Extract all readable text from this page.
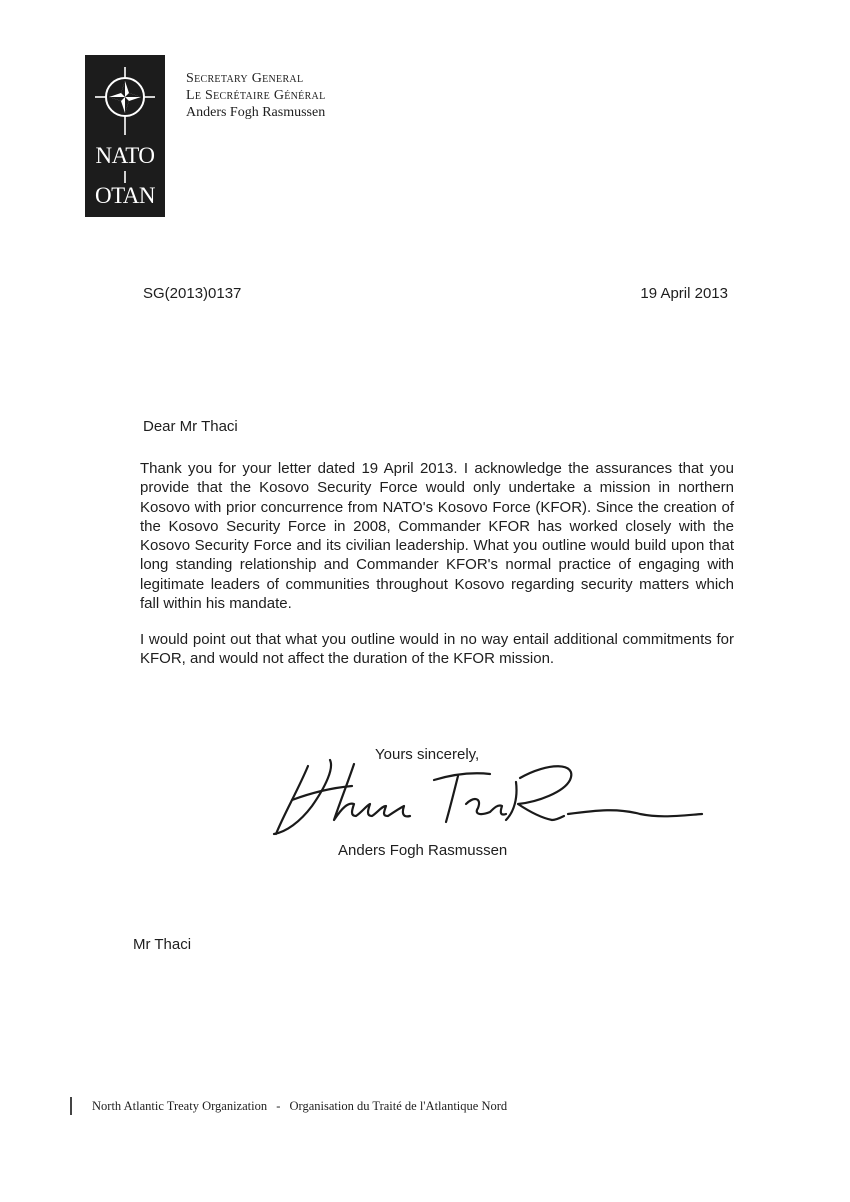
NATO
OTAN
Secretary General
Le Secrétaire Général
Anders Fogh Rasmussen
SG(2013)0137	19 April 2013
Dear Mr Thaci

Thank you for your letter dated 19 April 2013. I acknowledge the assurances that you provide that the Kosovo Security Force would only undertake a mission in northern Kosovo with prior concurrence from NATO's Kosovo Force (KFOR). Since the creation of the Kosovo Security Force in 2008, Commander KFOR has worked closely with the Kosovo Security Force and its civilian leadership. What you outline would build upon that long standing relationship and Commander KFOR's normal practice of engaging with legitimate leaders of communities throughout Kosovo regarding security matters which fall within his mandate.

I would point out that what you outline would in no way entail additional commitments for KFOR, and would not affect the duration of the KFOR mission.

Yours sincerely,
Anders Fogh Rasmussen
Mr Thaci
North Atlantic Treaty Organization - Organisation du Traité de l'Atlantique Nord
